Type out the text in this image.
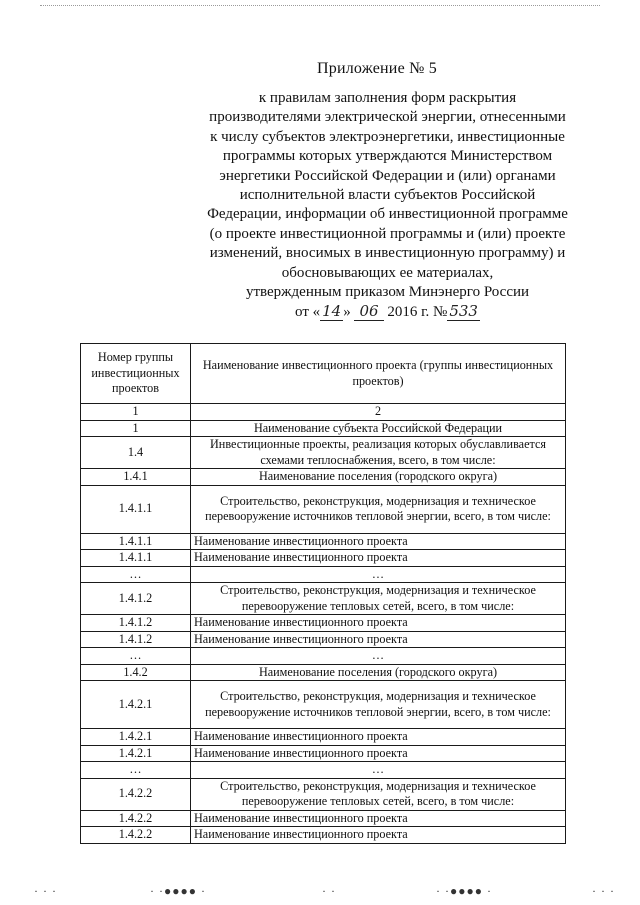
Приложение № 5
к правилам заполнения форм раскрытия
производителями электрической энергии, отнесенными
к числу субъектов электроэнергетики, инвестиционные
программы которых утверждаются Министерством
энергетики Российской Федерации и (или) органами
исполнительной власти субъектов Российской
Федерации, информации об инвестиционной программе
(о проекте инвестиционной программы и (или) проекте
изменений, вносимых в инвестиционную программу) и
обосновывающих ее материалах,
утвержденным приказом Минэнерго России
от « 14 » 06 2016 г. № 533
Номер группы инвестиционных проектов	Наименование инвестиционного проекта (группы инвестиционных проектов)
1	2
1	Наименование субъекта Российской Федерации
1.4	Инвестиционные проекты, реализация которых обуславливается схемами теплоснабжения, всего, в том числе:
1.4.1	Наименование поселения (городского округа)
1.4.1.1	Строительство, реконструкция, модернизация и техническое перевооружение источников тепловой энергии, всего, в том числе:
1.4.1.1	Наименование инвестиционного проекта
1.4.1.1	Наименование инвестиционного проекта
…	…
1.4.1.2	Строительство, реконструкция, модернизация и техническое перевооружение тепловых сетей, всего, в том числе:
1.4.1.2	Наименование инвестиционного проекта
1.4.1.2	Наименование инвестиционного проекта
…	…
1.4.2	Наименование поселения (городского округа)
1.4.2.1	Строительство, реконструкция, модернизация и техническое перевооружение источников тепловой энергии, всего, в том числе:
1.4.2.1	Наименование инвестиционного проекта
1.4.2.1	Наименование инвестиционного проекта
…	…
1.4.2.2	Строительство, реконструкция, модернизация и техническое перевооружение тепловых сетей, всего, в том числе:
1.4.2.2	Наименование инвестиционного проекта
1.4.2.2	Наименование инвестиционного проекта
· · ·	· ·●●●● ·	· ·	· ·●●●● ·	· · ·
